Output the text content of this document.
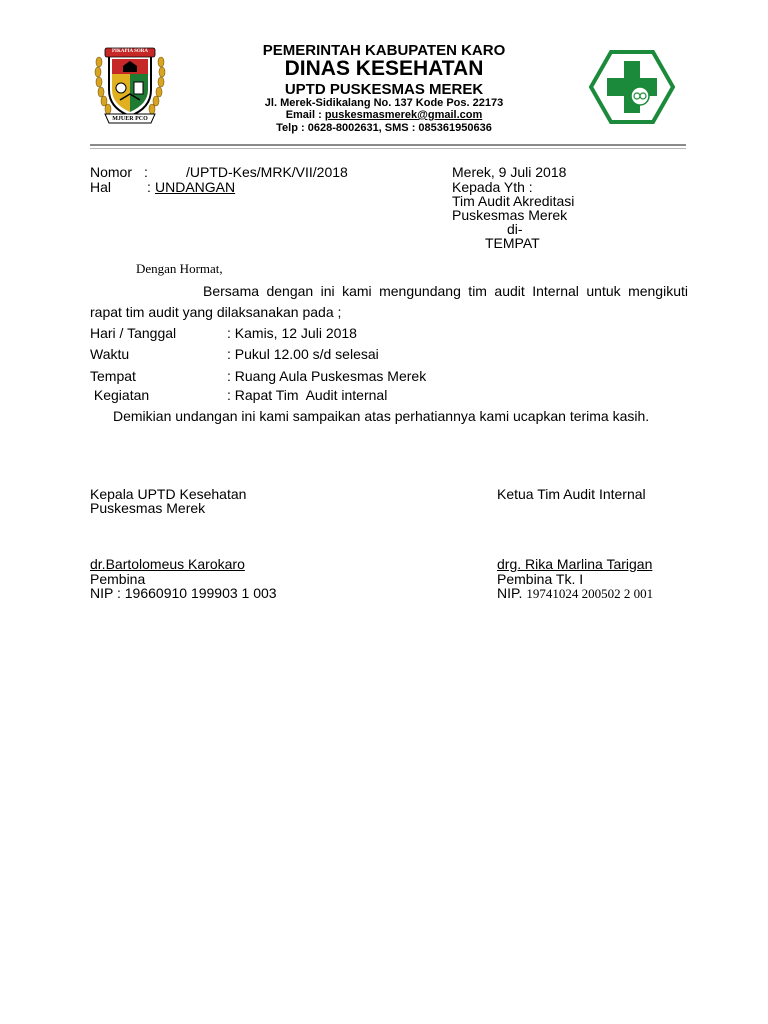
PIKAPIA SORA
MJUER PCO
PEMERINTAH KABUPATEN KARO
DINAS KESEHATAN
UPTD PUSKESMAS MEREK
Jl. Merek-Sidikalang No. 137 Kode Pos. 22173
Email : puskesmasmerek@gmail.com
Telp : 0628-8002631, SMS : 085361950636
Nomor :	/UPTD-Kes/MRK/VII/2018
Hal	: UNDANGAN
Merek, 9 Juli 2018
Kepada Yth :
Tim Audit Akreditasi
Puskesmas Merek
di-
TEMPAT
Dengan Hormat,
Bersama dengan ini kami mengundang tim audit Internal untuk mengikuti rapat tim audit yang dilaksanakan pada ;
Hari / Tanggal	: Kamis, 12 Juli 2018
Waktu	: Pukul 12.00 s/d selesai
Tempat	: Ruang Aula Puskesmas Merek
Kegiatan	: Rapat Tim  Audit internal
Demikian undangan ini kami sampaikan atas perhatiannya kami ucapkan terima kasih.
Kepala UPTD Kesehatan
Puskesmas Merek
Ketua Tim Audit Internal
dr.Bartolomeus Karokaro
Pembina
NIP : 19660910 199903 1 003
drg. Rika Marlina Tarigan
Pembina Tk. I
NIP. 19741024 200502 2 001
